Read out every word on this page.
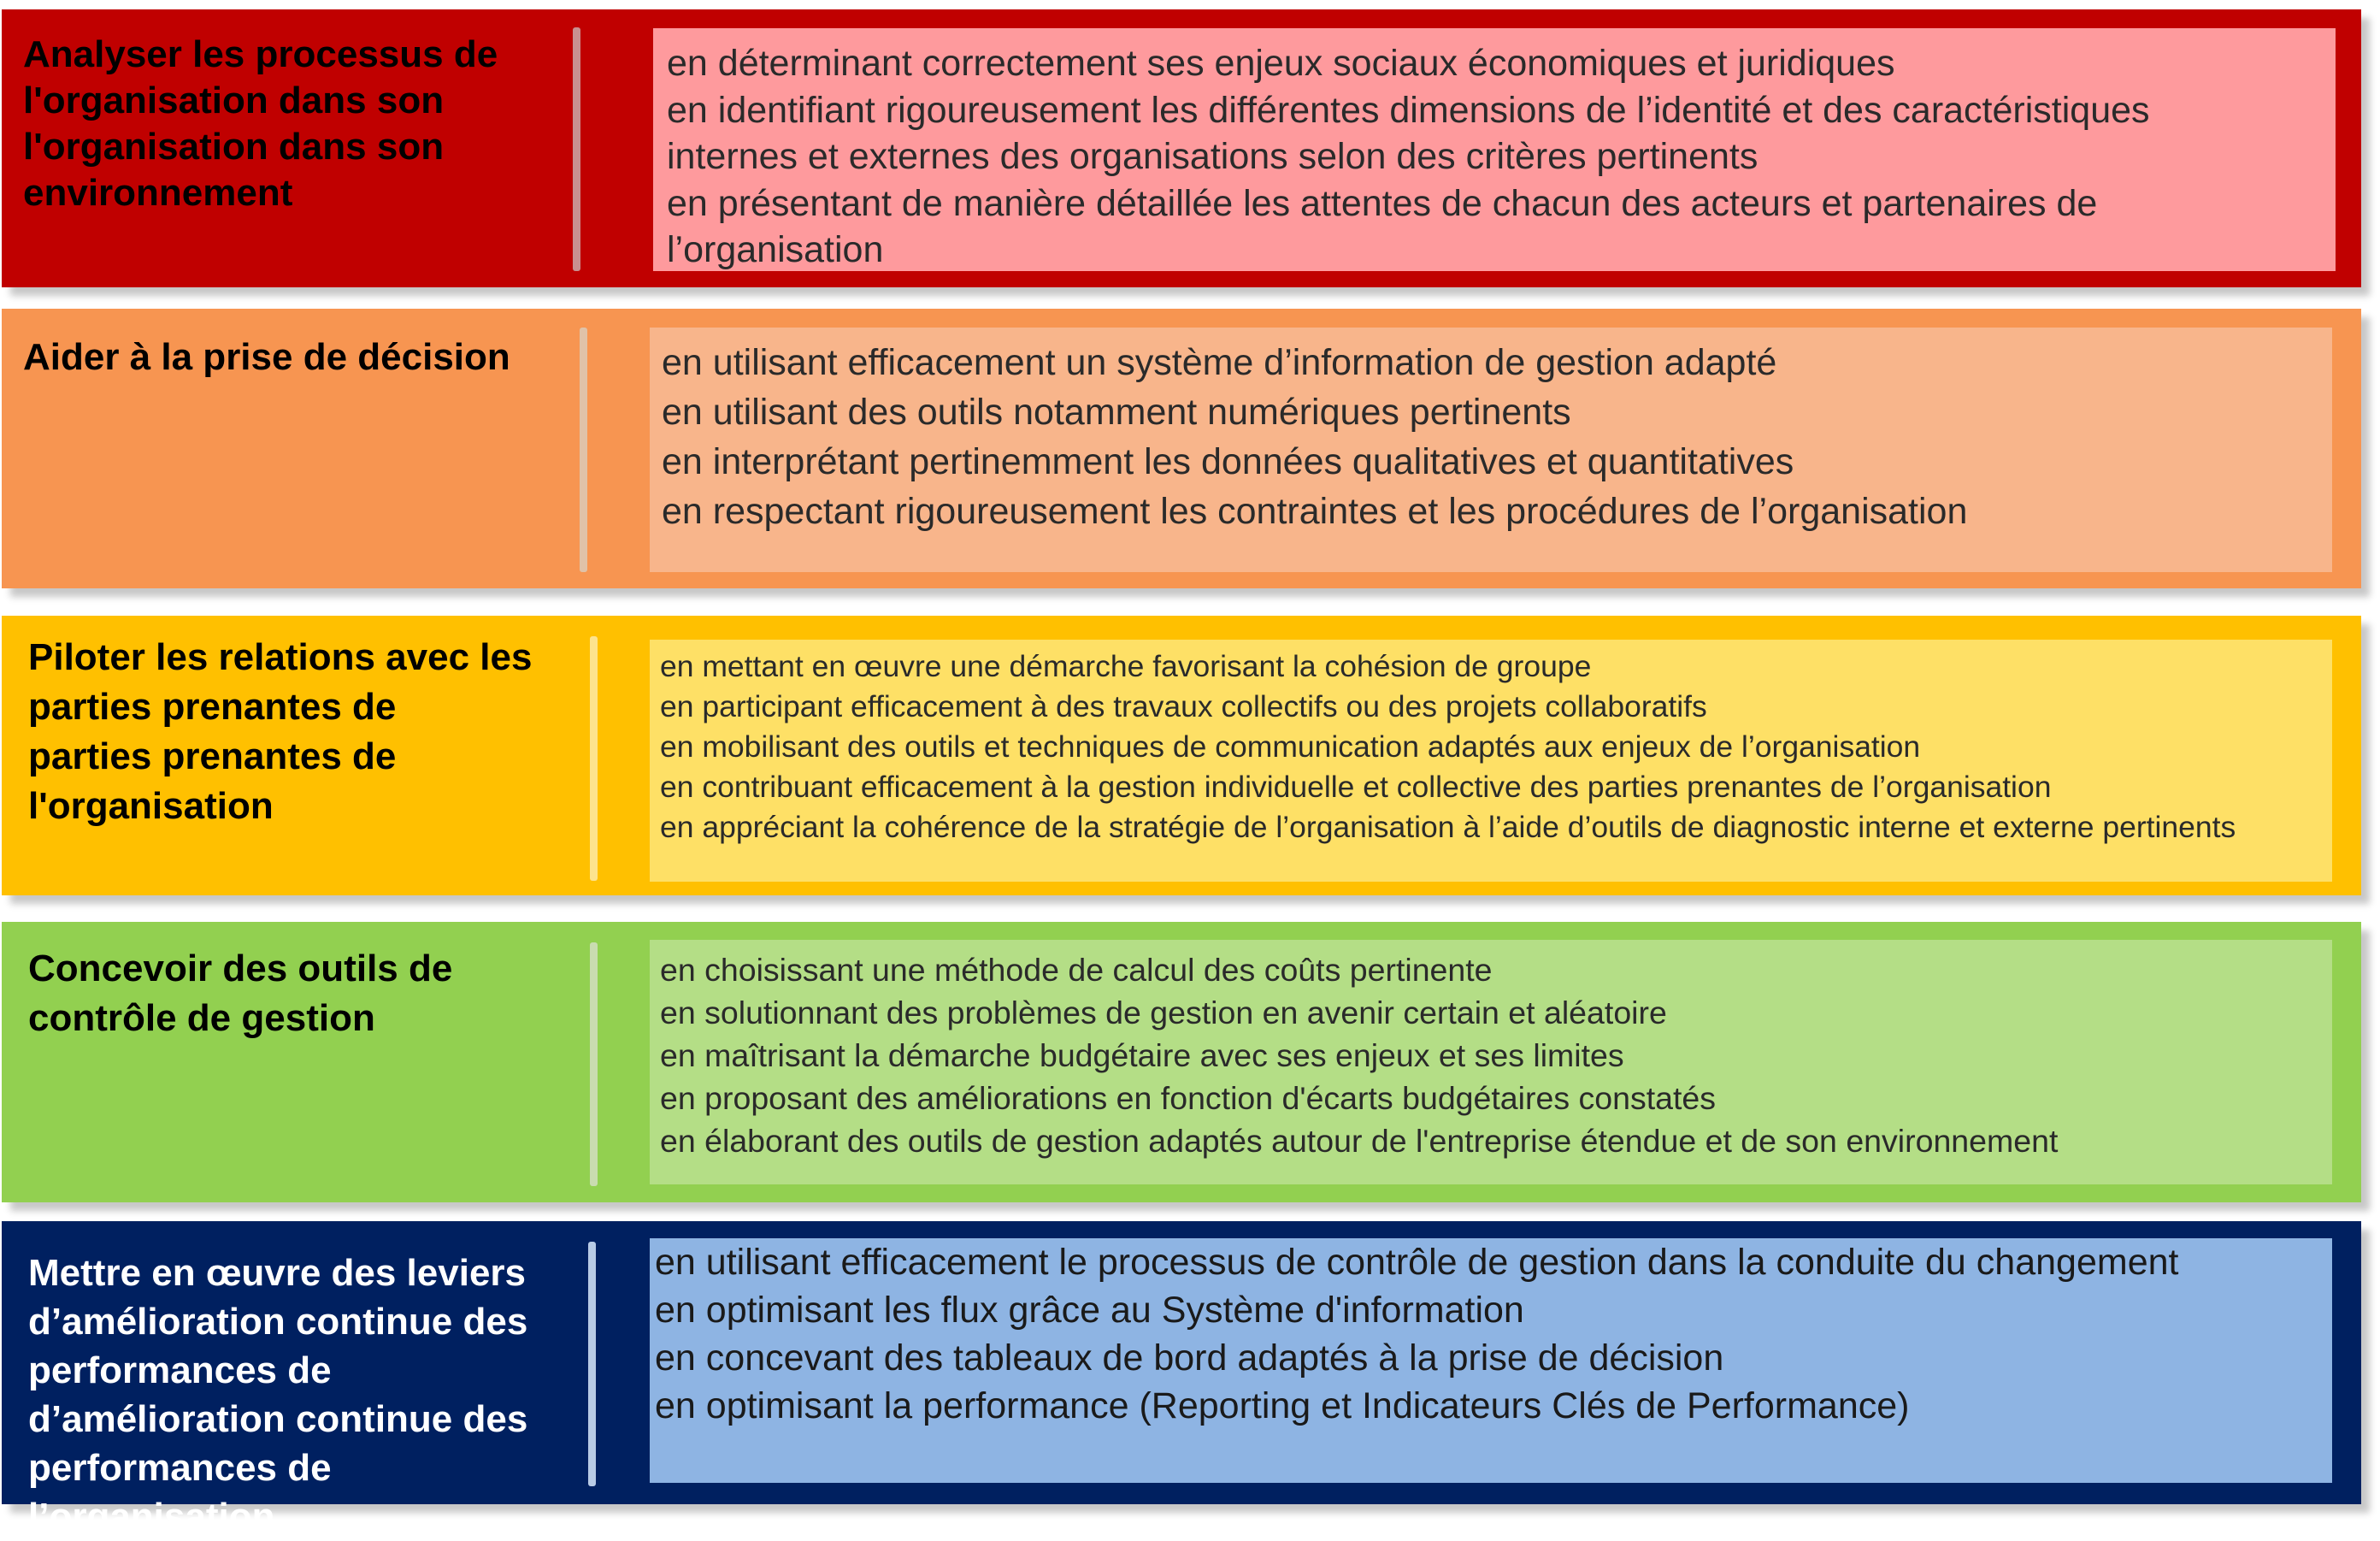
Analyser les processus de
l'organisation dans son
l'organisation dans son environnement
en déterminant correctement ses enjeux sociaux économiques et juridiques
en identifiant rigoureusement les différentes dimensions de l’identité et des caractéristiques
internes et externes des organisations selon des critères pertinents
en présentant de manière détaillée les attentes de chacun des acteurs et partenaires de
l’organisation
Aider à la prise de décision	en utilisant efficacement un système d’information de gestion adapté
en utilisant des outils notamment numériques pertinents
en interprétant pertinemment les données qualitatives et quantitatives
en respectant rigoureusement les contraintes et les procédures de l’organisation
Piloter les relations avec les
parties prenantes de
parties prenantes de l'organisation
en mettant en œuvre une démarche favorisant la cohésion de groupe
en participant efficacement à des travaux collectifs ou des projets collaboratifs
en mobilisant des outils et techniques de communication adaptés aux enjeux de l’organisation
en contribuant efficacement à la gestion individuelle et collective des parties prenantes de l’organisation
en appréciant la cohérence de la stratégie de l’organisation à l’aide d’outils de diagnostic interne et externe pertinents
Concevoir des outils de
contrôle de gestion
en choisissant une méthode de calcul des coûts pertinente
en solutionnant des problèmes de gestion en avenir certain et aléatoire
en maîtrisant la démarche budgétaire avec ses enjeux et ses limites
en proposant des améliorations en fonction d'écarts budgétaires constatés
en élaborant des outils de gestion adaptés autour de l'entreprise étendue et de son environnement
Mettre en œuvre des leviers
d’amélioration continue des
performances de
d’amélioration continue des performances de l’organisation
en utilisant efficacement le processus de contrôle de gestion dans la conduite du changement
en optimisant les flux grâce au Système d'information
en concevant des tableaux de bord adaptés à la prise de décision
en optimisant la performance (Reporting et Indicateurs Clés de Performance)
